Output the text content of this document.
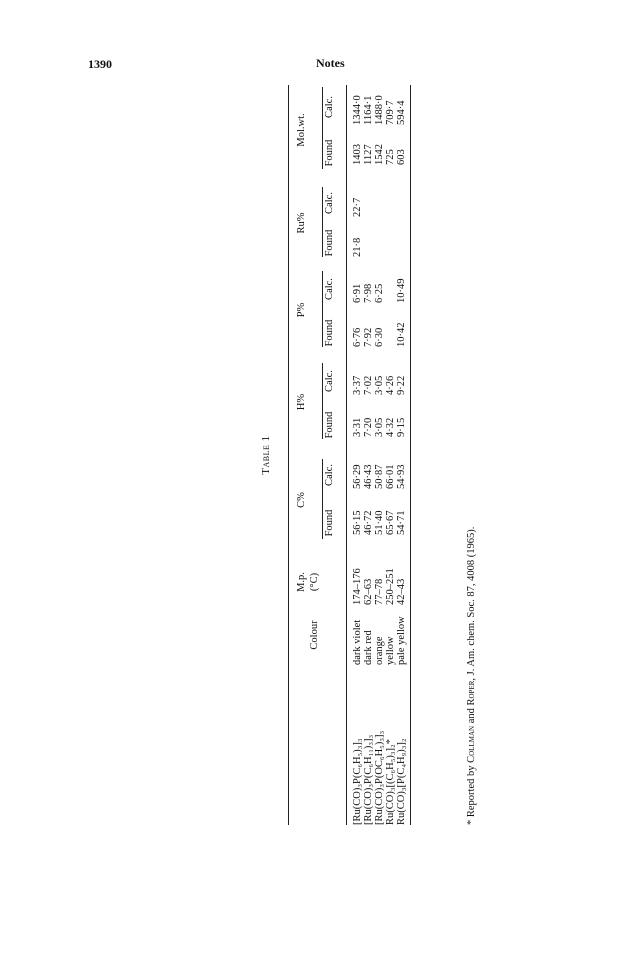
1390	Notes
Table 1
Colour
M.p. (°C)
C%
Found
Calc.
H%
Found
Calc.
P%
Found
Calc.
Ru%
Found
Calc.
Mol.wt.
Found
Calc.
[Ru(CO)₃P(C₆H₅)₃]₃
dark violet
174–176
56·15
56·29
3·31
3·37
6·76
6·91
21·8
22·7
1403
1344·0
[Ru(CO)₃P(C₆H₁₁)₃]₃
dark red
62–63
46·72
46·43
7·20
7·02
7·92
7·98
1127
1164·1
[Ru(CO)₃P(OC₆H₅)₃]₃
orange
77–78
51·40
50·87
3·05
3·05
6·30
6·25
1542
1488·0
Ru(CO)₃[(C₆H₅)₃]₂*
yellow
250–251
65·67
66·01
4·32
4·26
725
709·7
Ru(CO)₃[P(C₄H₉)₃]₂
pale yellow
42–43
54·71
54·93
9·15
9·22
10·42
10·49
603
594·4
* Reported by Collman and Roper, J. Am. chem. Soc. 87, 4008 (1965).
